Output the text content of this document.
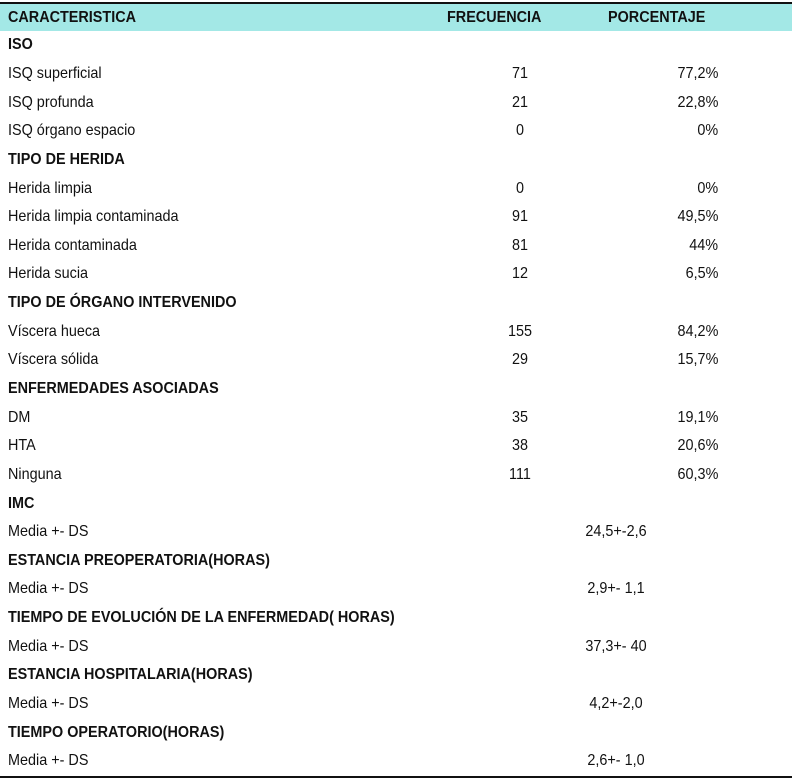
CARACTERISTICA	FRECUENCIA	PORCENTAJE
ISO
ISQ superficial	71	77,2%
ISQ profunda	21	22,8%
ISQ órgano espacio	0	0%
TIPO DE HERIDA
Herida limpia	0	0%
Herida limpia contaminada	91	49,5%
Herida contaminada	81	44%
Herida sucia	12	6,5%
TIPO DE ÓRGANO INTERVENIDO
Víscera hueca	155	84,2%
Víscera sólida	29	15,7%
ENFERMEDADES ASOCIADAS
DM	35	19,1%
HTA	38	20,6%
Ninguna	111	60,3%
IMC
Media +- DS	24,5+-2,6
ESTANCIA PREOPERATORIA(HORAS)
Media +- DS	2,9+- 1,1
TIEMPO DE EVOLUCIÓN DE LA ENFERMEDAD( HORAS)
Media +- DS	37,3+- 40
ESTANCIA HOSPITALARIA(HORAS)
Media +- DS	4,2+-2,0
TIEMPO OPERATORIO(HORAS)
Media +- DS	2,6+- 1,0
